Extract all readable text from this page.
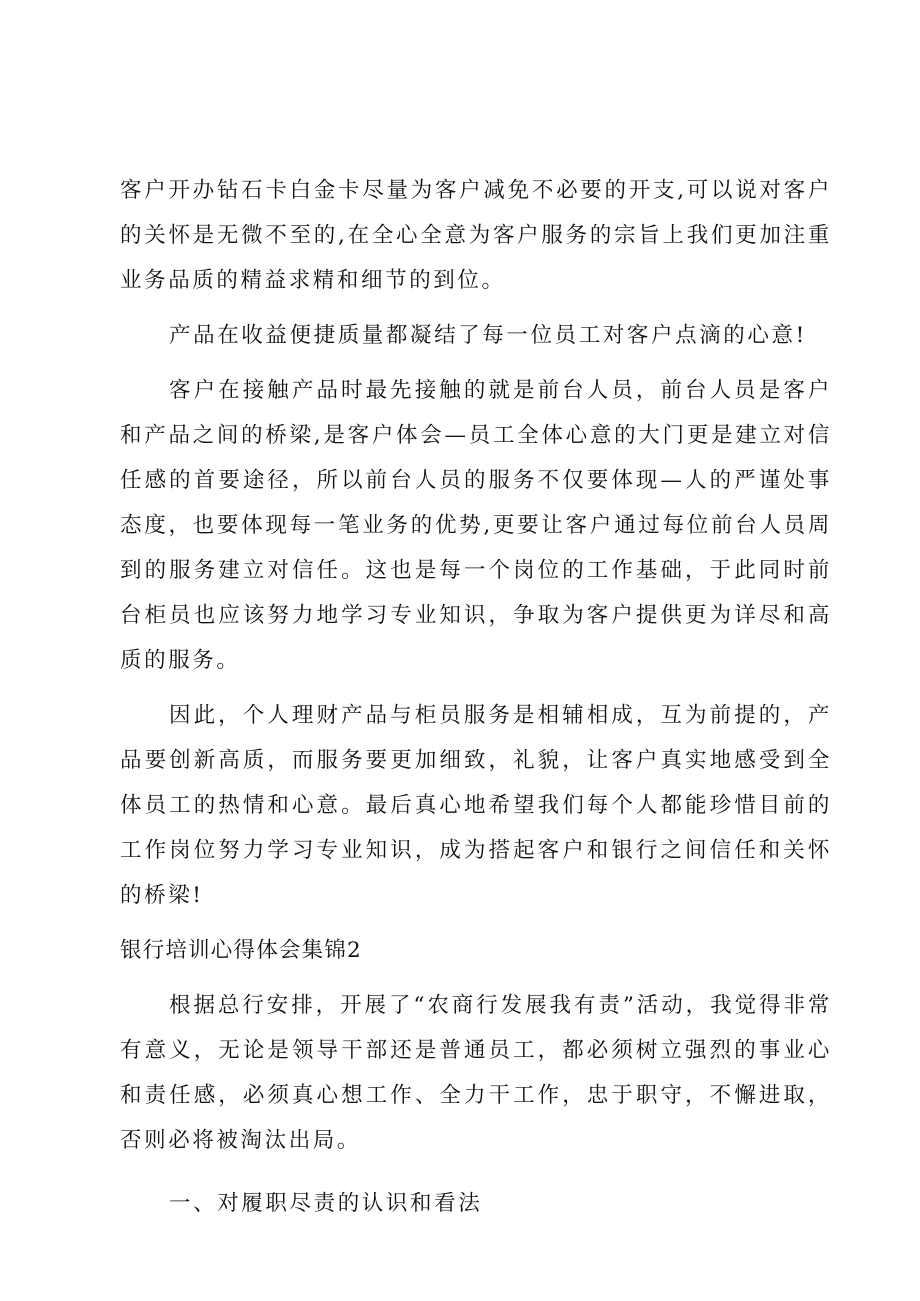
客户开办钻石卡白金卡尽量为客户减免不必要的开支,可以说对客户的关怀是无微不至的,在全心全意为客户服务的宗旨上我们更加注重业务品质的精益求精和细节的到位。

产品在收益便捷质量都凝结了每一位员工对客户点滴的心意!

客户在接触产品时最先接触的就是前台人员，前台人员是客户和产品之间的桥梁,是客户体会—员工全体心意的大门更是建立对信任感的首要途径，所以前台人员的服务不仅要体现—人的严谨处事态度，也要体现每一笔业务的优势,更要让客户通过每位前台人员周到的服务建立对信任。这也是每一个岗位的工作基础，于此同时前台柜员也应该努力地学习专业知识，争取为客户提供更为详尽和高质的服务。

因此，个人理财产品与柜员服务是相辅相成，互为前提的，产品要创新高质，而服务要更加细致，礼貌，让客户真实地感受到全体员工的热情和心意。最后真心地希望我们每个人都能珍惜目前的工作岗位努力学习专业知识，成为搭起客户和银行之间信任和关怀的桥梁!

银行培训心得体会集锦2

根据总行安排，开展了“农商行发展我有责”活动，我觉得非常有意义，无论是领导干部还是普通员工，都必须树立强烈的事业心和责任感，必须真心想工作、全力干工作，忠于职守，不懈进取，否则必将被淘汰出局。

一、对履职尽责的认识和看法
